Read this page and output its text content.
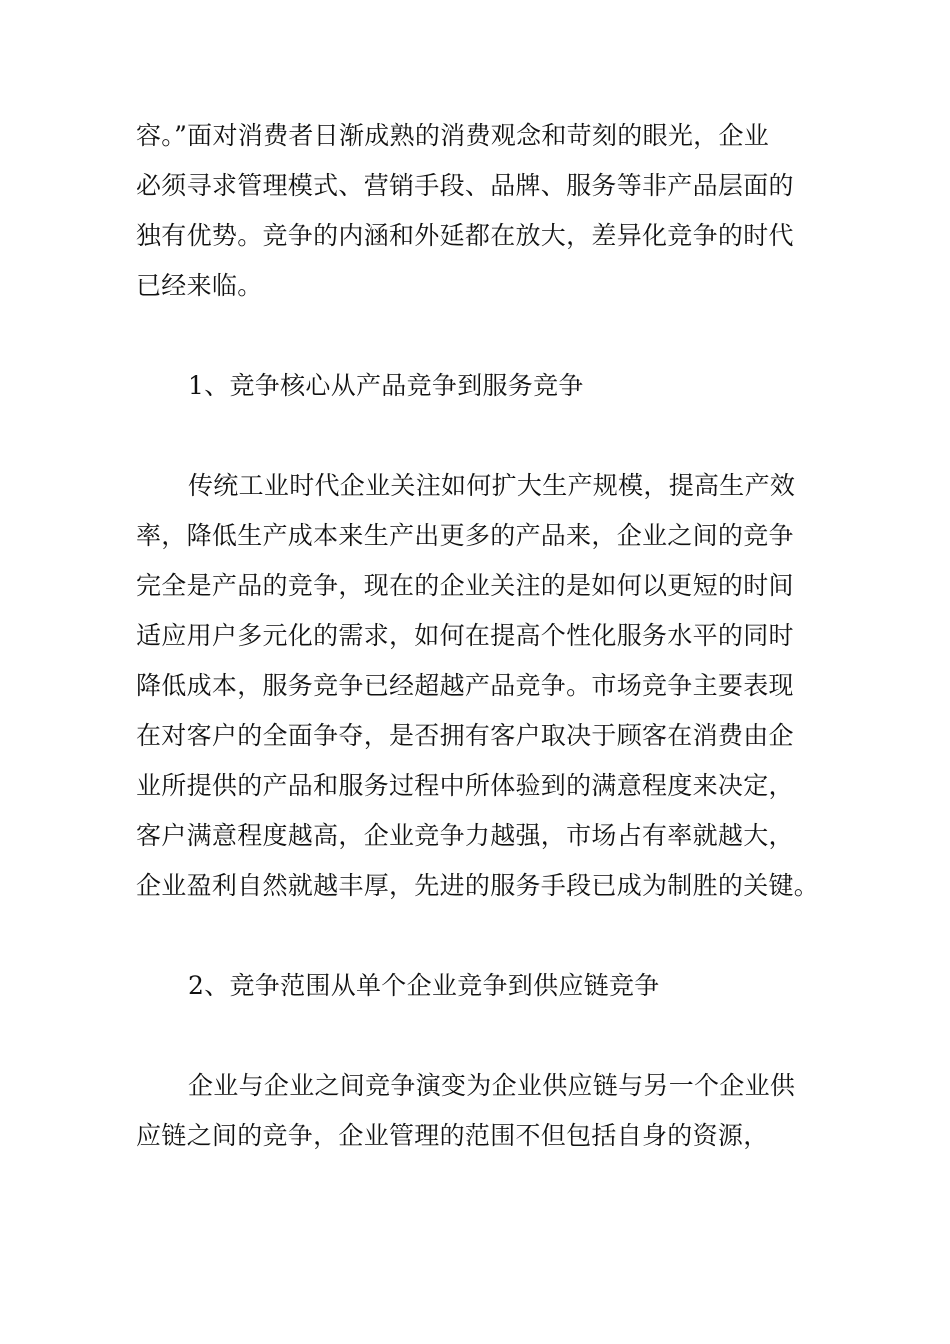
容。”面对消费者日渐成熟的消费观念和苛刻的眼光，企业
必须寻求管理模式、营销手段、品牌、服务等非产品层面的
独有优势。竞争的内涵和外延都在放大，差异化竞争的时代
已经来临。
1、竞争核心从产品竞争到服务竞争
传统工业时代企业关注如何扩大生产规模，提高生产效
率，降低生产成本来生产出更多的产品来，企业之间的竞争
完全是产品的竞争，现在的企业关注的是如何以更短的时间
适应用户多元化的需求，如何在提高个性化服务水平的同时
降低成本，服务竞争已经超越产品竞争。市场竞争主要表现
在对客户的全面争夺，是否拥有客户取决于顾客在消费由企
业所提供的产品和服务过程中所体验到的满意程度来决定，
客户满意程度越高，企业竞争力越强，市场占有率就越大，
企业盈利自然就越丰厚，先进的服务手段已成为制胜的关键。
2、竞争范围从单个企业竞争到供应链竞争
企业与企业之间竞争演变为企业供应链与另一个企业供
应链之间的竞争，企业管理的范围不但包括自身的资源，
